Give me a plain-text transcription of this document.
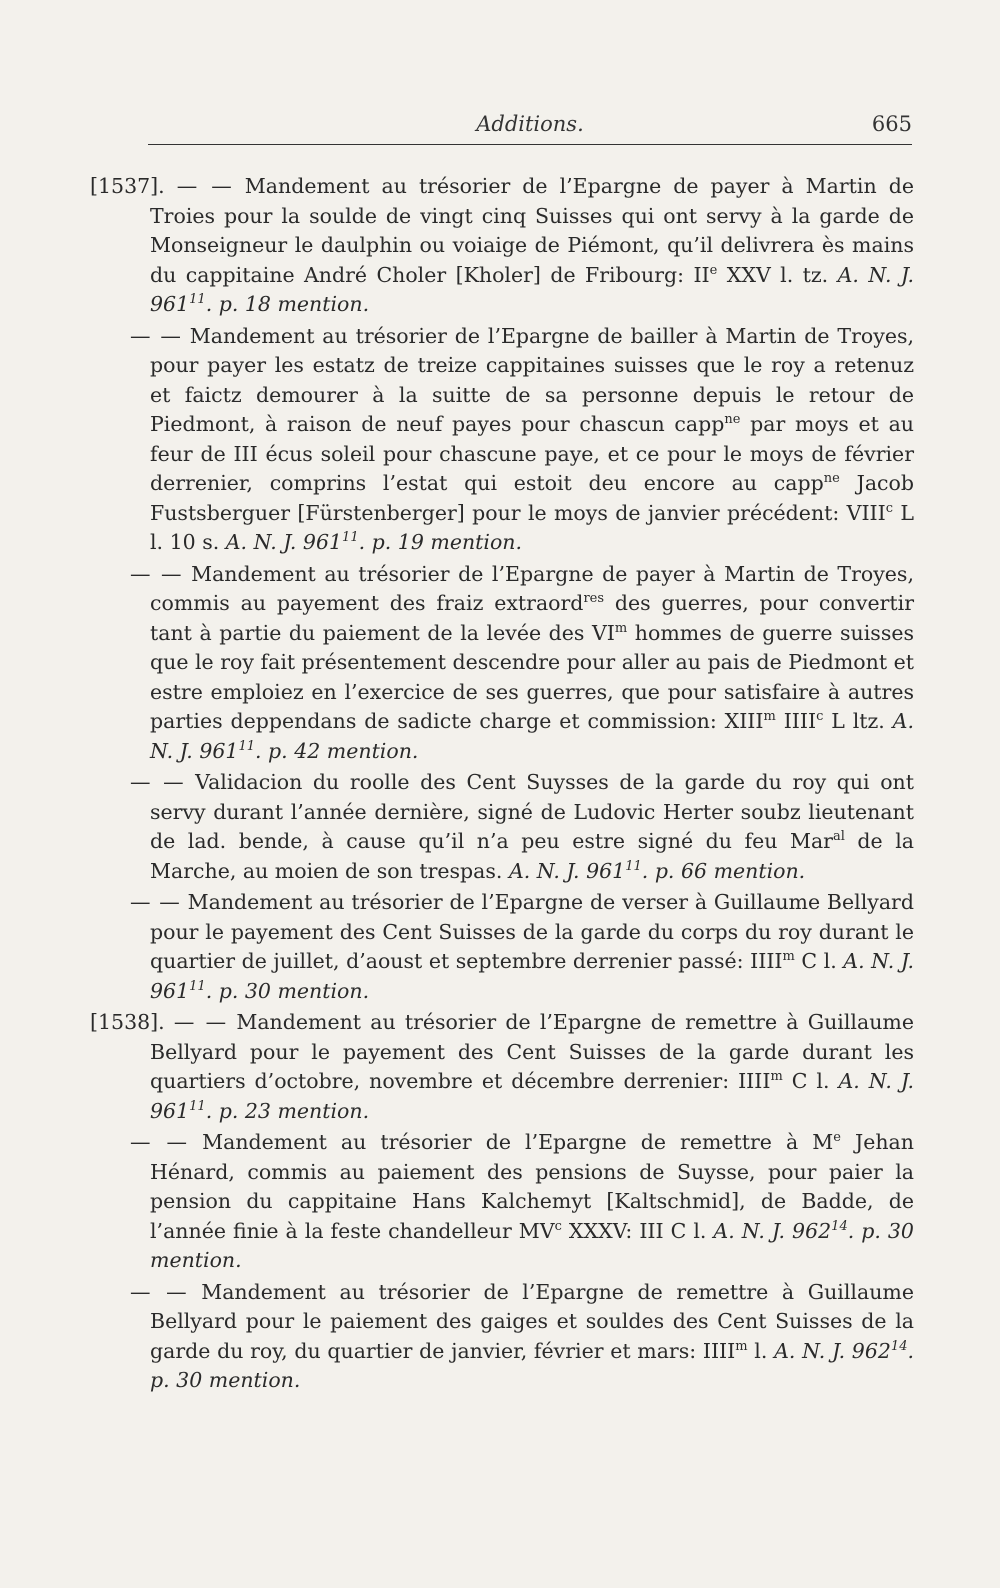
Additions.	665

[1537]. — — Mandement au trésorier de l’Epargne de payer à Martin de Troies pour la soulde de vingt cinq Suisses qui ont servy à la garde de Monseigneur le daulphin ou voiaige de Piémont, qu’il delivrera ès mains du cappitaine André Choler [Kholer] de Fribourg: IIe XXV l. tz. A. N. J. 961$^{11}$. p. 18 mention.

— — Mandement au trésorier de l’Epargne de bailler à Martin de Troyes, pour payer les estatz de treize cappitaines suisses que le roy a retenuz et faictz demourer à la suitte de sa personne depuis le retour de Piedmont, à raison de neuf payes pour chascun capp$^{ne}$ par moys et au feur de III écus soleil pour chascune paye, et ce pour le moys de février derrenier, comprins l’estat qui estoit deu encore au capp$^{ne}$ Jacob Fustsberguer [Fürstenberger] pour le moys de janvier précédent: VIII$^c$ L l. 10 s. A. N. J. 961$^{11}$. p. 19 mention.

— — Mandement au trésorier de l’Epargne de payer à Martin de Troyes, commis au payement des fraiz extraord$^{res}$ des guerres, pour convertir tant à partie du paiement de la levée des $VI^m$ hommes de guerre suisses que le roy fait présentement descendre pour aller au pais de Piedmont et estre emploiez en l’exercice de ses guerres, que pour satisfaire à autres parties deppendans de sadicte charge et commission: XIII$^m$ IIII$^c$ L ltz. A. N. J. 961$^{11}$. p. 42 mention.

— — Validacion du roolle des Cent Suysses de la garde du roy qui ont servy durant l’année dernière, signé de Ludovic Herter soubz lieutenant de lad. bende, à cause qu’il n’a peu estre signé du feu Mar$^{al}$ de la Marche, au moien de son trespas. A. N. J. 961$^{11}$. p. 66 mention.

— — Mandement au trésorier de l’Epargne de verser à Guillaume Bellyard pour le payement des Cent Suisses de la garde du corps du roy durant le quartier de juillet, d’aoust et septembre derrenier passé: IIII$^m$ C l. A. N. J. 961$^{11}$. p. 30 mention.

[1538]. — — Mandement au trésorier de l’Epargne de remettre à Guillaume Bellyard pour le payement des Cent Suisses de la garde durant les quartiers d’octobre, novembre et décembre derrenier: IIII$^m$ C l. A. N. J. 961$^{11}$. p. 23 mention.

— — Mandement au trésorier de l’Epargne de remettre à Me Jehan Hénard, commis au paiement des pensions de Suysse, pour paier la pension du cappitaine Hans Kalchemyt [Kaltschmid], de Badde, de l’année finie à la feste chandelleur $MV^c$ XXXV: III C l. A. N. J. 962$^{14}$. p. 30 mention.

— — Mandement au trésorier de l’Epargne de remettre à Guillaume Bellyard pour le paiement des gaiges et souldes des Cent Suisses de la garde du roy, du quartier de janvier, février et mars: IIII$^m$ l. A. N. J. 962$^{14}$. p. 30 mention.
